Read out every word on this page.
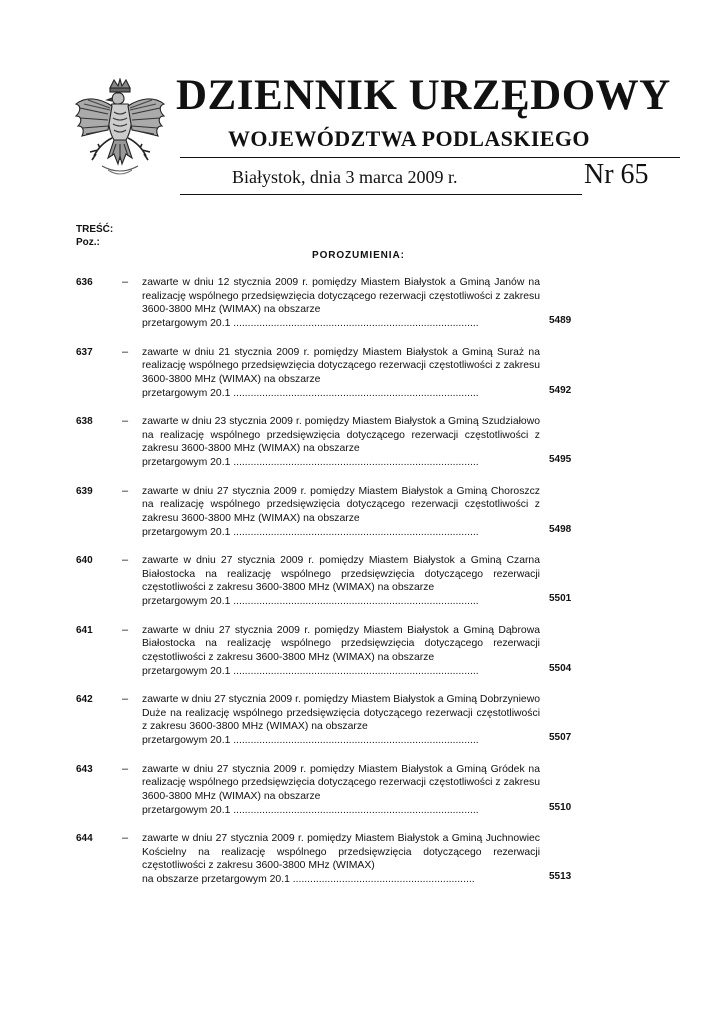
DZIENNIK URZĘDOWY
WOJEWÓDZTWA PODLASKIEGO
Białystok, dnia 3 marca 2009 r.	Nr 65
TREŚĆ:
Poz.:
POROZUMIENIA:
636	– zawarte w dniu 12 stycznia 2009 r. pomiędzy Miastem Białystok a Gminą Janów na realizację wspólnego przedsięwzięcia dotyczącego rezerwacji częstotliwości z zakresu 3600-3800 MHz (WIMAX) na obszarze
przetargowym 20.1 .....................................................................................	5489
637	– zawarte w dniu 21 stycznia 2009 r. pomiędzy Miastem Białystok a Gminą Suraż na realizację wspólnego przedsięwzięcia dotyczącego rezerwacji częstotliwości z zakresu 3600-3800 MHz (WIMAX) na obszarze
przetargowym 20.1 .....................................................................................	5492
638	– zawarte w dniu 23 stycznia 2009 r. pomiędzy Miastem Białystok a Gminą Szudziałowo na realizację wspólnego przedsięwzięcia dotyczącego rezerwacji częstotliwości z zakresu 3600-3800 MHz (WIMAX) na obszarze
przetargowym 20.1 .....................................................................................	5495
639	– zawarte w dniu 27 stycznia 2009 r. pomiędzy Miastem Białystok a Gminą Choroszcz na realizację wspólnego przedsięwzięcia dotyczącego rezerwacji częstotliwości z zakresu 3600-3800 MHz (WIMAX) na obszarze
przetargowym 20.1 .....................................................................................	5498
640	– zawarte w dniu 27 stycznia 2009 r. pomiędzy Miastem Białystok a Gminą Czarna Białostocka na realizację wspólnego przedsięwzięcia dotyczącego rezerwacji częstotliwości z zakresu 3600-3800 MHz (WIMAX) na obszarze
przetargowym 20.1 .....................................................................................	5501
641	– zawarte w dniu 27 stycznia 2009 r. pomiędzy Miastem Białystok a Gminą Dąbrowa Białostocka na realizację wspólnego przedsięwzięcia dotyczącego rezerwacji częstotliwości z zakresu 3600-3800 MHz (WIMAX) na obszarze
przetargowym 20.1 .....................................................................................	5504
642	– zawarte w dniu 27 stycznia 2009 r. pomiędzy Miastem Białystok a Gminą Dobrzyniewo Duże na realizację wspólnego przedsięwzięcia dotyczącego rezerwacji częstotliwości z zakresu 3600-3800 MHz (WIMAX) na obszarze
przetargowym 20.1 .....................................................................................	5507
643	– zawarte w dniu 27 stycznia 2009 r. pomiędzy Miastem Białystok a Gminą Gródek na realizację wspólnego przedsięwzięcia dotyczącego rezerwacji częstotliwości z zakresu 3600-3800 MHz (WIMAX) na obszarze
przetargowym 20.1 .....................................................................................	5510
644	– zawarte w dniu 27 stycznia 2009 r. pomiędzy Miastem Białystok a Gminą Juchnowiec Kościelny na realizację wspólnego przedsięwzięcia dotyczącego rezerwacji częstotliwości z zakresu 3600-3800 MHz (WIMAX)
na obszarze przetargowym 20.1 ...............................................................	5513
